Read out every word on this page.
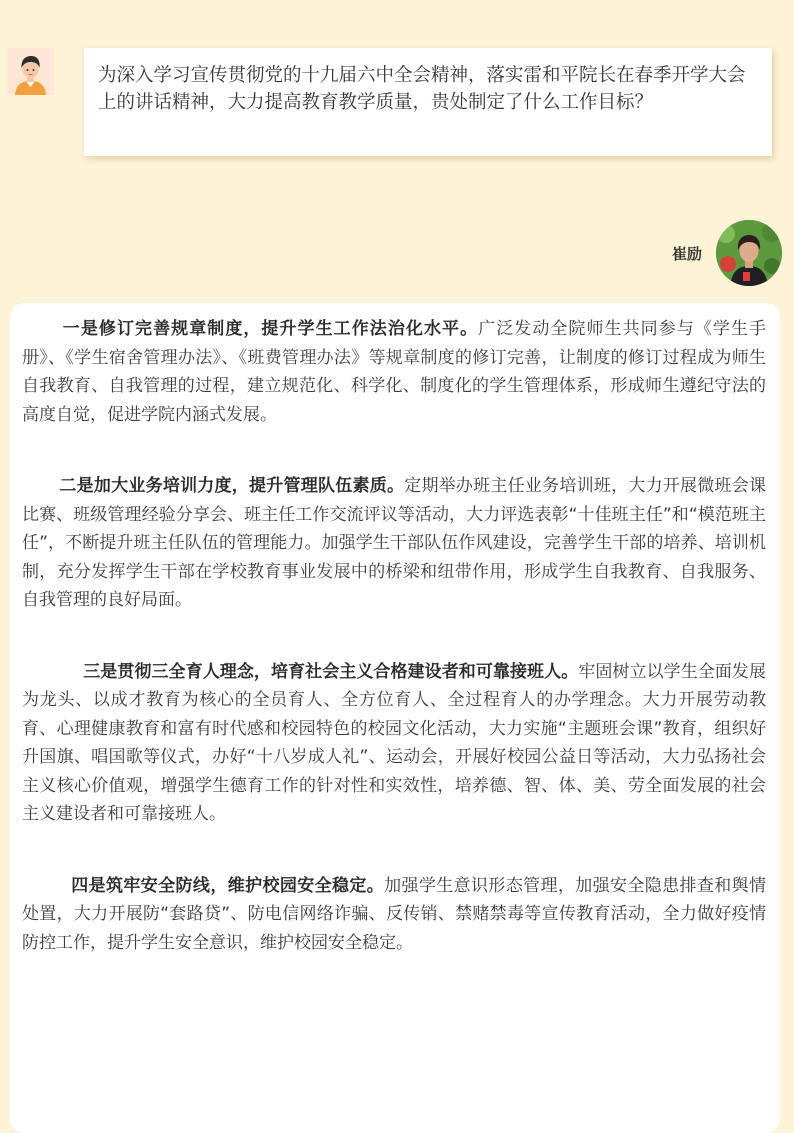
为深入学习宣传贯彻党的十九届六中全会精神，落实雷和平院长在春季开学大会上的讲话精神，大力提高教育教学质量，贵处制定了什么工作目标？
崔励

一是修订完善规章制度，提升学生工作法治化水平。广泛发动全院师生共同参与《学生手册》、《学生宿舍管理办法》、《班费管理办法》等规章制度的修订完善，让制度的修订过程成为师生自我教育、自我管理的过程，建立规范化、科学化、制度化的学生管理体系，形成师生遵纪守法的高度自觉，促进学院内涵式发展。

二是加大业务培训力度，提升管理队伍素质。定期举办班主任业务培训班，大力开展微班会课比赛、班级管理经验分享会、班主任工作交流评议等活动，大力评选表彰“十佳班主任”和“模范班主任”，不断提升班主任队伍的管理能力。加强学生干部队伍作风建设，完善学生干部的培养、培训机制，充分发挥学生干部在学校教育事业发展中的桥梁和纽带作用，形成学生自我教育、自我服务、自我管理的良好局面。

三是贯彻三全育人理念，培育社会主义合格建设者和可靠接班人。牢固树立以学生全面发展为龙头、以成才教育为核心的全员育人、全方位育人、全过程育人的办学理念。大力开展劳动教育、心理健康教育和富有时代感和校园特色的校园文化活动，大力实施“主题班会课”教育，组织好升国旗、唱国歌等仪式，办好“十八岁成人礼”、运动会，开展好校园公益日等活动，大力弘扬社会主义核心价值观，增强学生德育工作的针对性和实效性，培养德、智、体、美、劳全面发展的社会主义建设者和可靠接班人。

四是筑牢安全防线，维护校园安全稳定。加强学生意识形态管理，加强安全隐患排查和舆情处置，大力开展防“套路贷”、防电信网络诈骗、反传销、禁赌禁毒等宣传教育活动，全力做好疫情防控工作，提升学生安全意识，维护校园安全稳定。
